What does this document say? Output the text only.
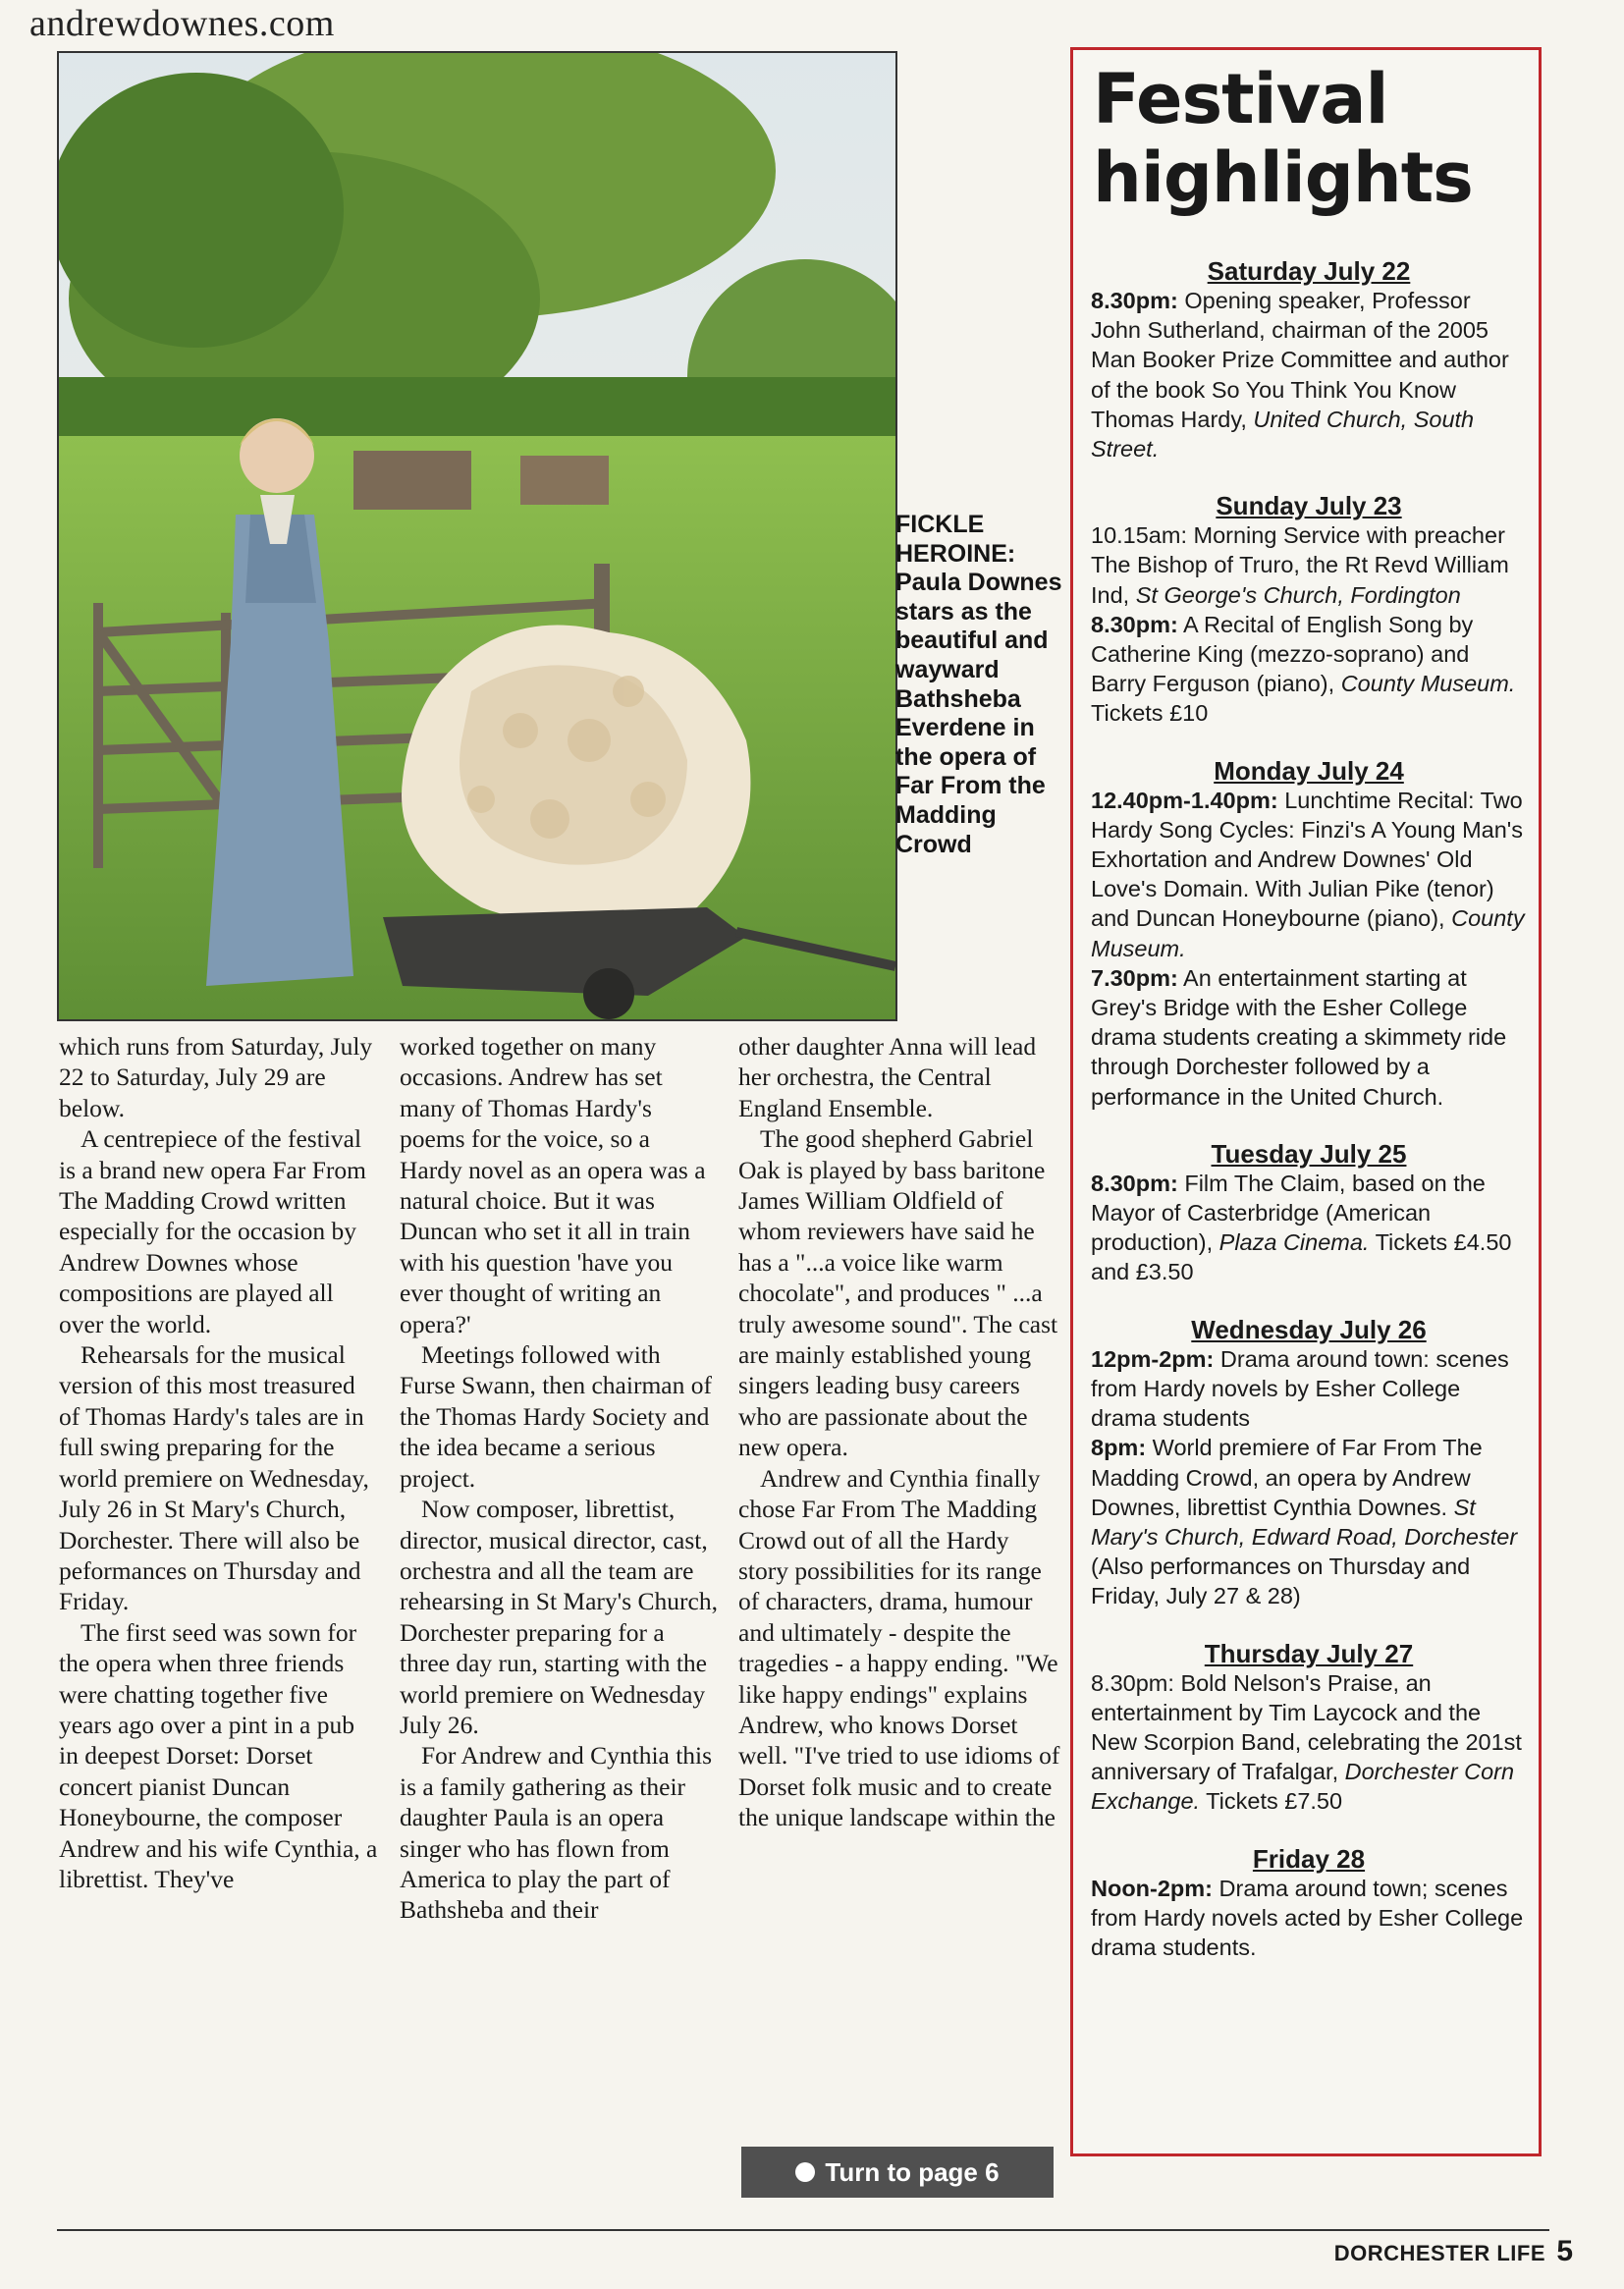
andrewdownes.com
FICKLE HEROINE: Paula Downes stars as the beautiful and wayward Bathsheba Everdene in the opera of Far From the Madding Crowd

which runs from Saturday, July 22 to Saturday, July 29 are below.

A centrepiece of the festival is a brand new opera Far From The Madding Crowd written especially for the occasion by Andrew Downes whose compositions are played all over the world.

Rehearsals for the musical version of this most treasured of Thomas Hardy's tales are in full swing preparing for the world premiere on Wednesday, July 26 in St Mary's Church, Dorchester. There will also be peformances on Thursday and Friday.

The first seed was sown for the opera when three friends were chatting together five years ago over a pint in a pub in deepest Dorset: Dorset concert pianist Duncan Honeybourne, the composer Andrew and his wife Cynthia, a librettist. They've

worked together on many occasions. Andrew has set many of Thomas Hardy's poems for the voice, so a Hardy novel as an opera was a natural choice. But it was Duncan who set it all in train with his question 'have you ever thought of writing an opera?'

Meetings followed with Furse Swann, then chairman of the Thomas Hardy Society and the idea became a serious project.

Now composer, librettist, director, musical director, cast, orchestra and all the team are rehearsing in St Mary's Church, Dorchester preparing for a three day run, starting with the world premiere on Wednesday July 26.

For Andrew and Cynthia this is a family gathering as their daughter Paula is an opera singer who has flown from America to play the part of Bathsheba and their

other daughter Anna will lead her orchestra, the Central England Ensemble.

The good shepherd Gabriel Oak is played by bass baritone James William Oldfield of whom reviewers have said he has a "...a voice like warm chocolate", and produces " ...a truly awesome sound". The cast are mainly established young singers leading busy careers who are passionate about the new opera.

Andrew and Cynthia finally chose Far From The Madding Crowd out of all the Hardy story possibilities for its range of characters, drama, humour and ultimately - despite the tragedies - a happy ending. "We like happy endings" explains Andrew, who knows Dorset well. "I've tried to use idioms of Dorset folk music and to create the unique landscape within the

Turn to page 6
Festival
highlights

Saturday July 22

8.30pm: Opening speaker, Professor John Sutherland, chairman of the 2005 Man Booker Prize Committee and author of the book So You Think You Know Thomas Hardy, United Church, South Street.

Sunday July 23

10.15am: Morning Service with preacher The Bishop of Truro, the Rt Revd William Ind, St George's Church, Fordington

8.30pm: A Recital of English Song by Catherine King (mezzo-soprano) and Barry Ferguson (piano), County Museum. Tickets £10

Monday July 24

12.40pm-1.40pm: Lunchtime Recital: Two Hardy Song Cycles: Finzi's A Young Man's Exhortation and Andrew Downes' Old Love's Domain. With Julian Pike (tenor) and Duncan Honeybourne (piano), County Museum.

7.30pm: An entertainment starting at Grey's Bridge with the Esher College drama students creating a skimmety ride through Dorchester followed by a performance in the United Church.

Tuesday July 25

8.30pm: Film The Claim, based on the Mayor of Casterbridge (American production), Plaza Cinema. Tickets £4.50 and £3.50

Wednesday July 26

12pm-2pm: Drama around town: scenes from Hardy novels by Esher College drama students

8pm: World premiere of Far From The Madding Crowd, an opera by Andrew Downes, librettist Cynthia Downes. St Mary's Church, Edward Road, Dorchester

(Also performances on Thursday and Friday, July 27 & 28)

Thursday July 27

8.30pm: Bold Nelson's Praise, an entertainment by Tim Laycock and the New Scorpion Band, celebrating the 201st anniversary of Trafalgar, Dorchester Corn Exchange. Tickets £7.50

Friday 28

Noon-2pm: Drama around town; scenes from Hardy novels acted by Esher College drama students.

DORCHESTER LIFE 5
